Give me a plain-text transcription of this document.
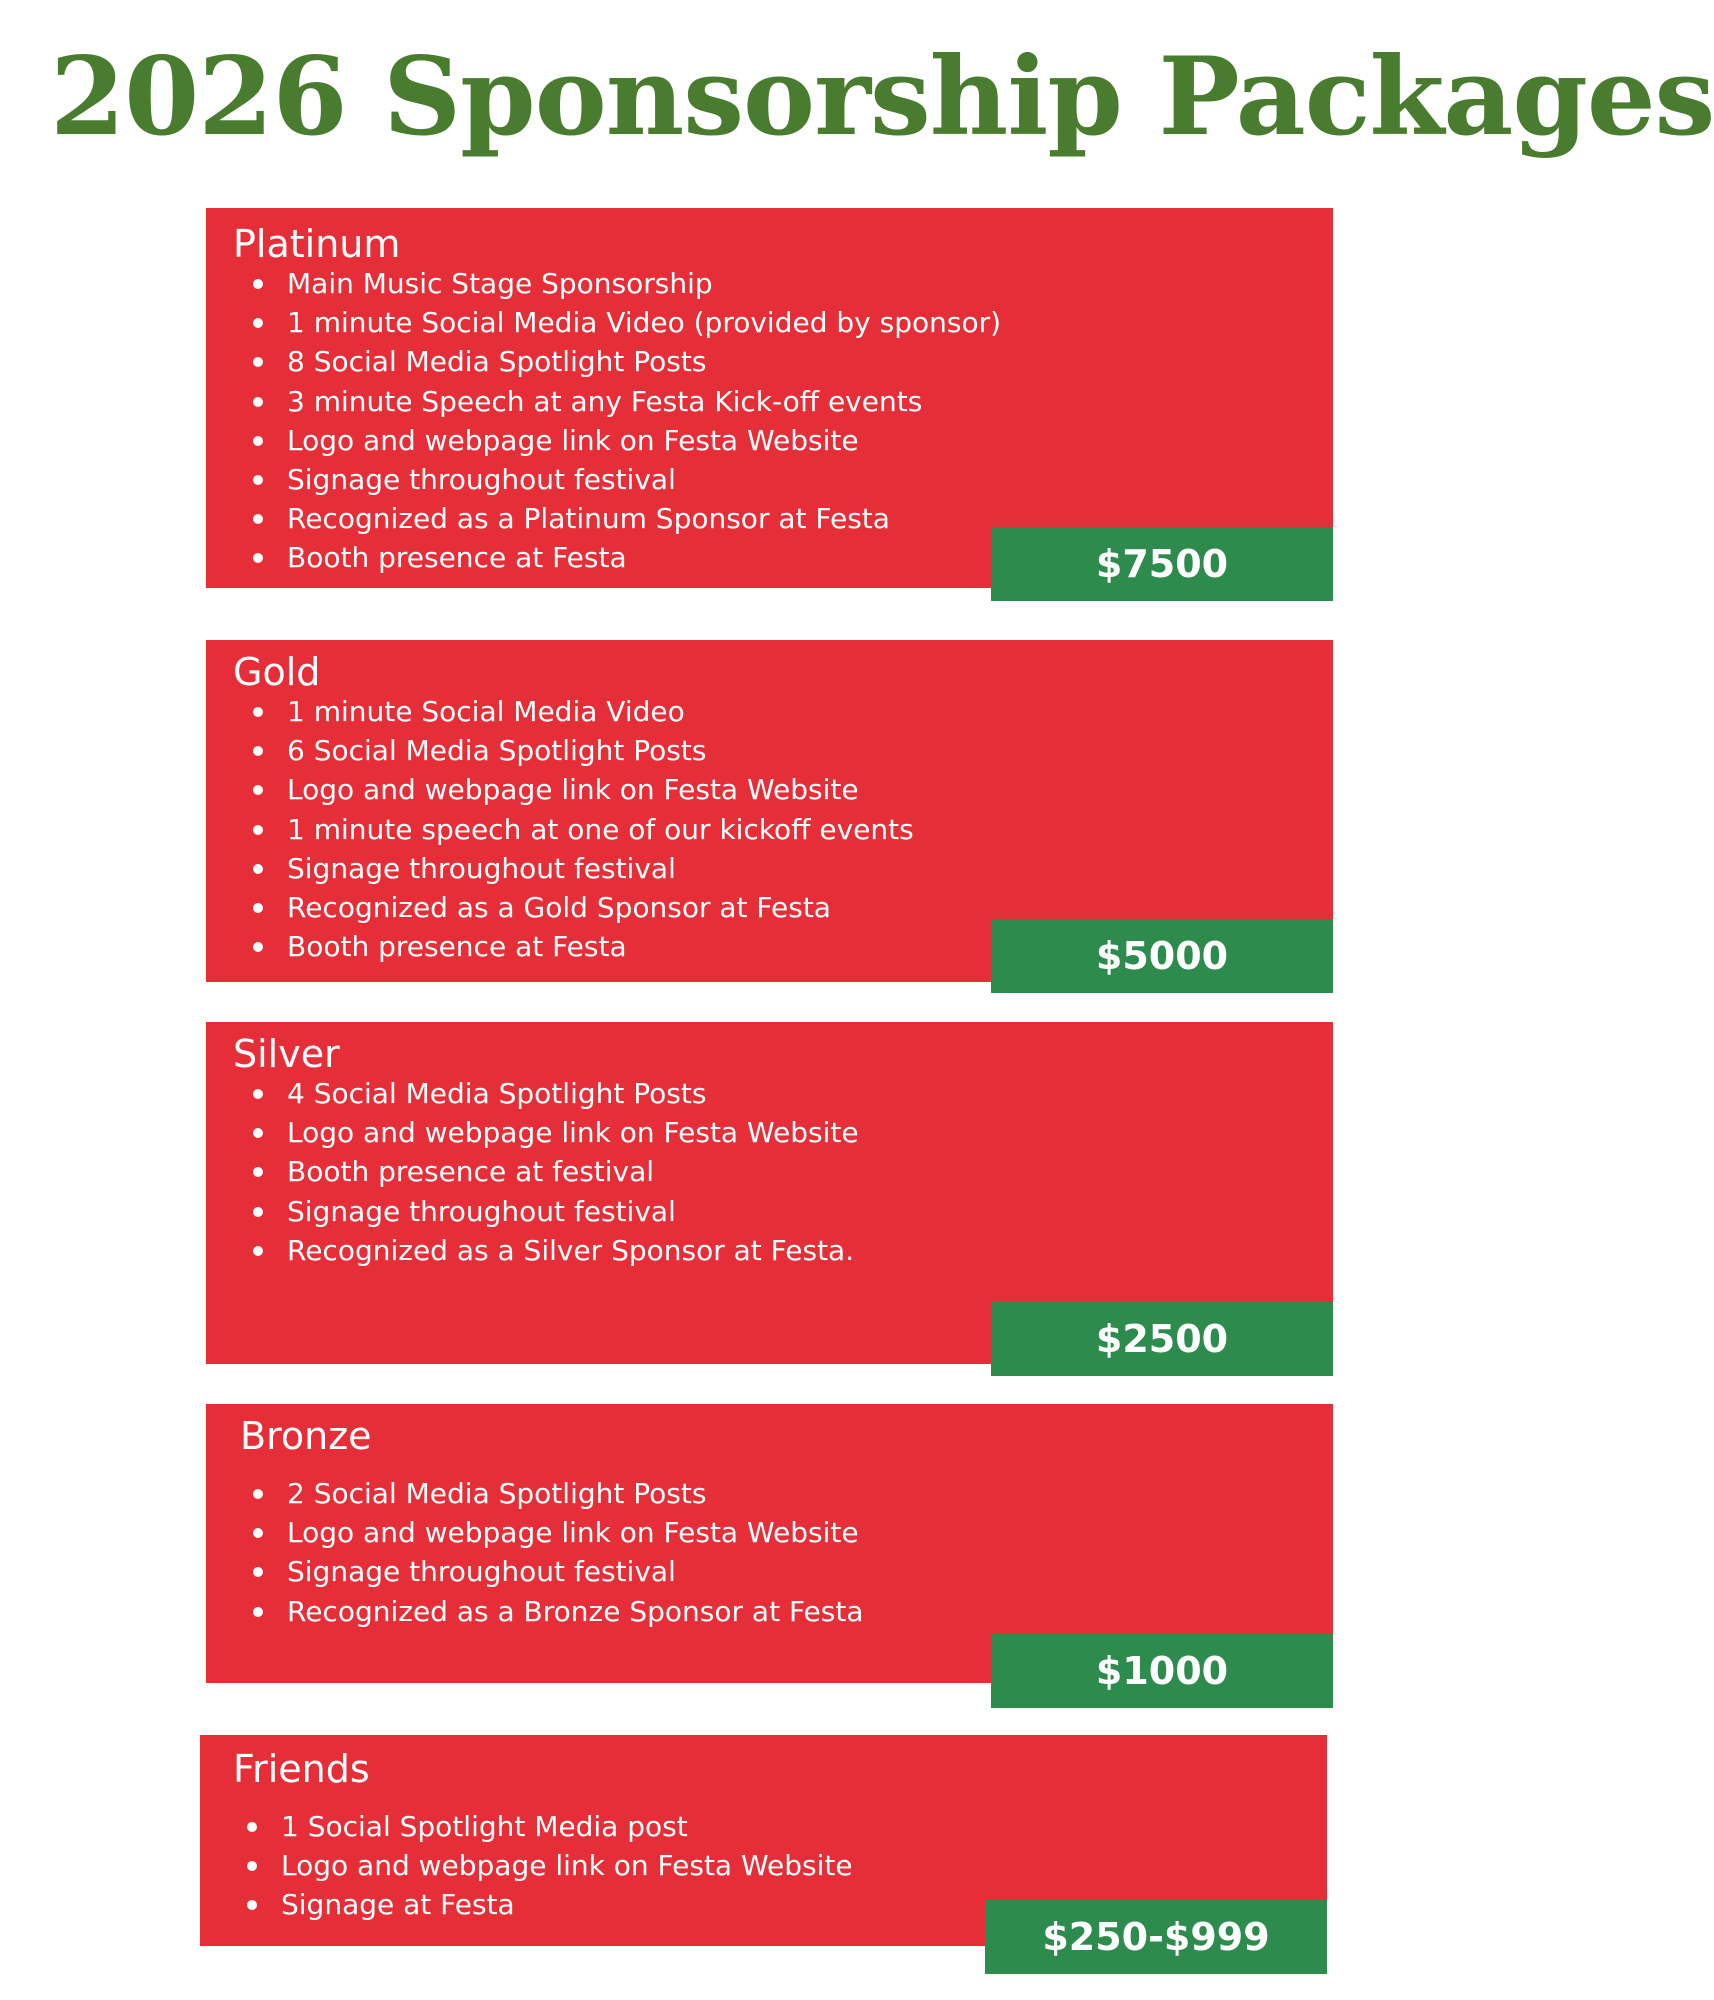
2026 Sponsorship Packages
Platinum
Main Music Stage Sponsorship
1 minute Social Media Video (provided by sponsor)
8 Social Media Spotlight Posts
3 minute Speech at any Festa Kick-off events
Logo and webpage link on Festa Website
Signage throughout festival
Recognized as a Platinum Sponsor at Festa
Booth presence at Festa	$7500
Gold
1 minute Social Media Video
6 Social Media Spotlight Posts
Logo and webpage link on Festa Website
1 minute speech at one of our kickoff events
Signage throughout festival
Recognized as a Gold Sponsor at Festa
Booth presence at Festa	$5000
Silver
4 Social Media Spotlight Posts
Logo and webpage link on Festa Website
Booth presence at festival
Signage throughout festival
Recognized as a Silver Sponsor at Festa.
$2500
Bronze
2 Social Media Spotlight Posts
Logo and webpage link on Festa Website
Signage throughout festival
Recognized as a Bronze Sponsor at Festa
$1000
Friends
1 Social Spotlight Media post
Logo and webpage link on Festa Website
Signage at Festa
$250-$999
